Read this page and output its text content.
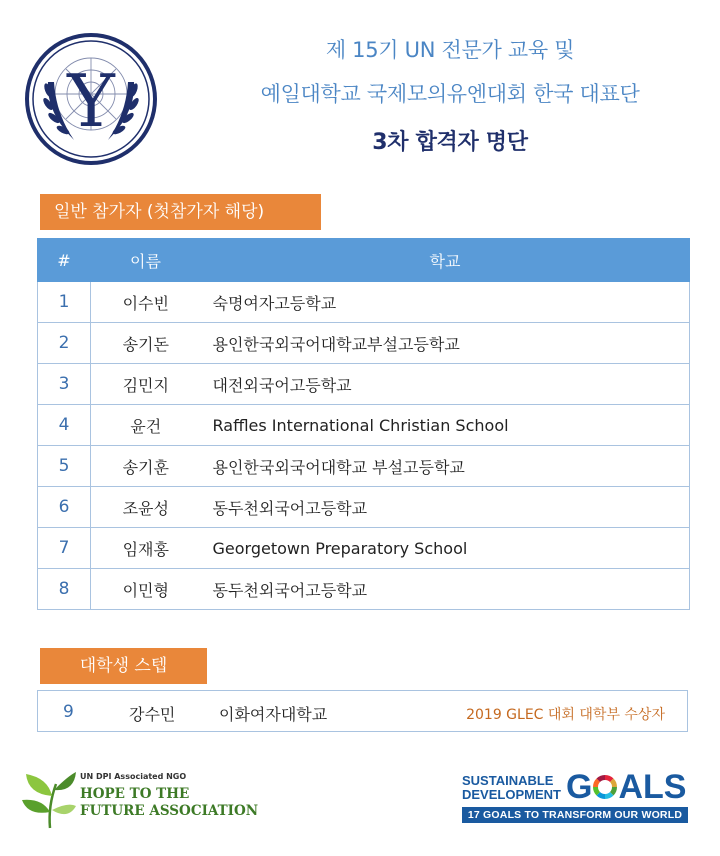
Y
제 15기 UN 전문가 교육 및
예일대학교 국제모의유엔대회 한국 대표단
3차 합격자 명단
일반 참가자 (첫참가자 해당)
#	이름	학교
1	이수빈	숙명여자고등학교
2	송기돈	용인한국외국어대학교부설고등학교
3	김민지	대전외국어고등학교
4	윤건	Raffles International Christian School
5	송기훈	용인한국외국어대학교 부설고등학교
6	조윤성	동두천외국어고등학교
7	임재홍	Georgetown Preparatory School
8	이민형	동두천외국어고등학교
대학생 스텝
9	강수민	이화여자대학교	2019 GLEC 대회 대학부 수상자
UN DPI Associated NGO
HOPE TO THE
FUTURE ASSOCIATION
SUSTAINABLE
DEVELOPMENT G ALS
17 GOALS TO TRANSFORM OUR WORLD
